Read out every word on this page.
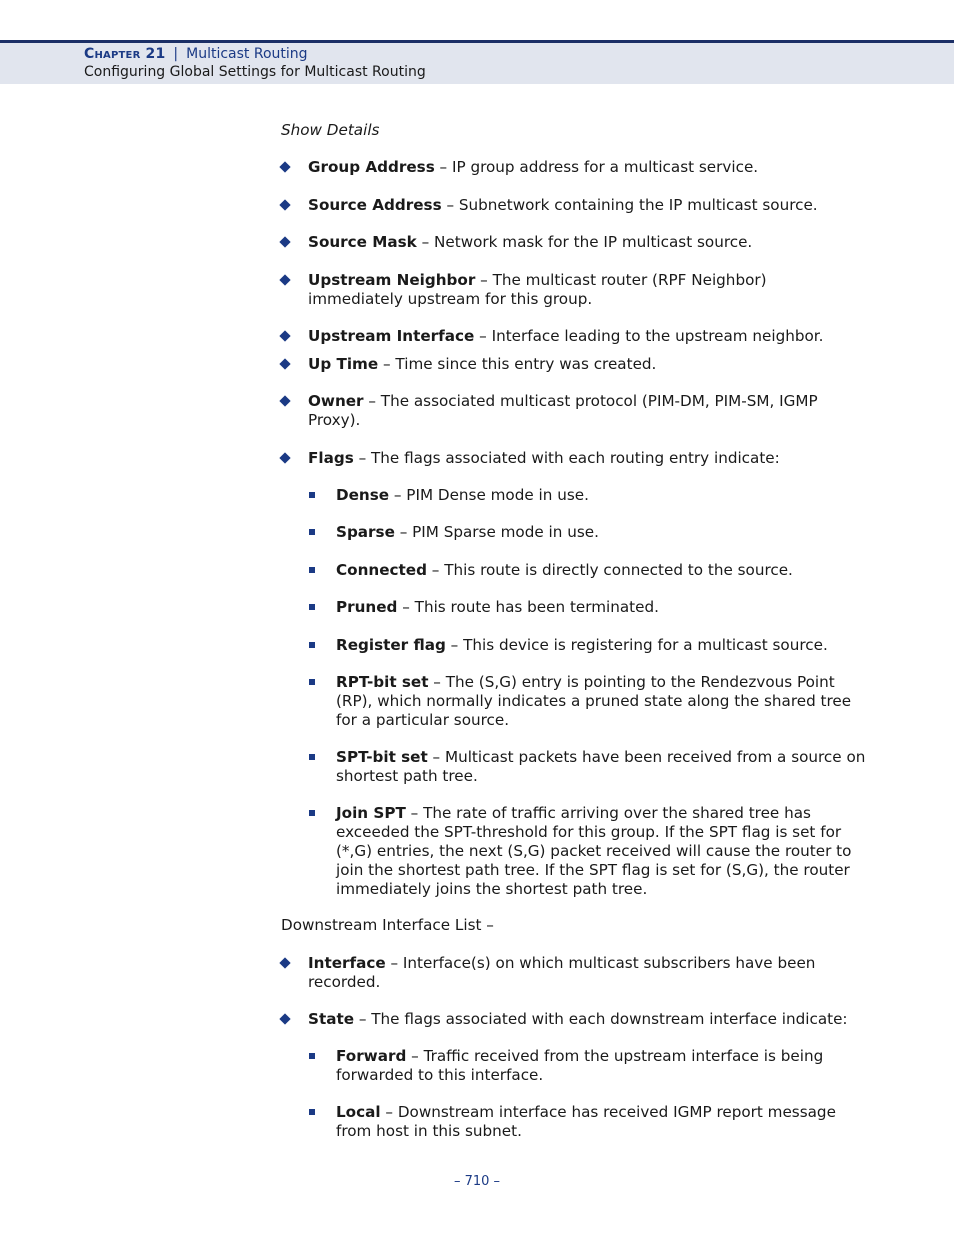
Chapter 21 | Multicast Routing
Configuring Global Settings for Multicast Routing
Show Details
Group Address – IP group address for a multicast service.
Source Address – Subnetwork containing the IP multicast source.
Source Mask – Network mask for the IP multicast source.
Upstream Neighbor – The multicast router (RPF Neighbor) immediately upstream for this group.
Upstream Interface – Interface leading to the upstream neighbor.
Up Time – Time since this entry was created.
Owner – The associated multicast protocol (PIM-DM, PIM-SM, IGMP Proxy).
Flags – The flags associated with each routing entry indicate:
Dense – PIM Dense mode in use.
Sparse – PIM Sparse mode in use.
Connected – This route is directly connected to the source.
Pruned – This route has been terminated.
Register flag – This device is registering for a multicast source.
RPT-bit set – The (S,G) entry is pointing to the Rendezvous Point (RP), which normally indicates a pruned state along the shared tree for a particular source.
SPT-bit set – Multicast packets have been received from a source on shortest path tree.
Join SPT – The rate of traffic arriving over the shared tree has exceeded the SPT-threshold for this group. If the SPT flag is set for (*,G) entries, the next (S,G) packet received will cause the router to join the shortest path tree. If the SPT flag is set for (S,G), the router immediately joins the shortest path tree.
Downstream Interface List –
Interface – Interface(s) on which multicast subscribers have been recorded.
State – The flags associated with each downstream interface indicate:
Forward – Traffic received from the upstream interface is being forwarded to this interface.
Local – Downstream interface has received IGMP report message from host in this subnet.
– 710 –
